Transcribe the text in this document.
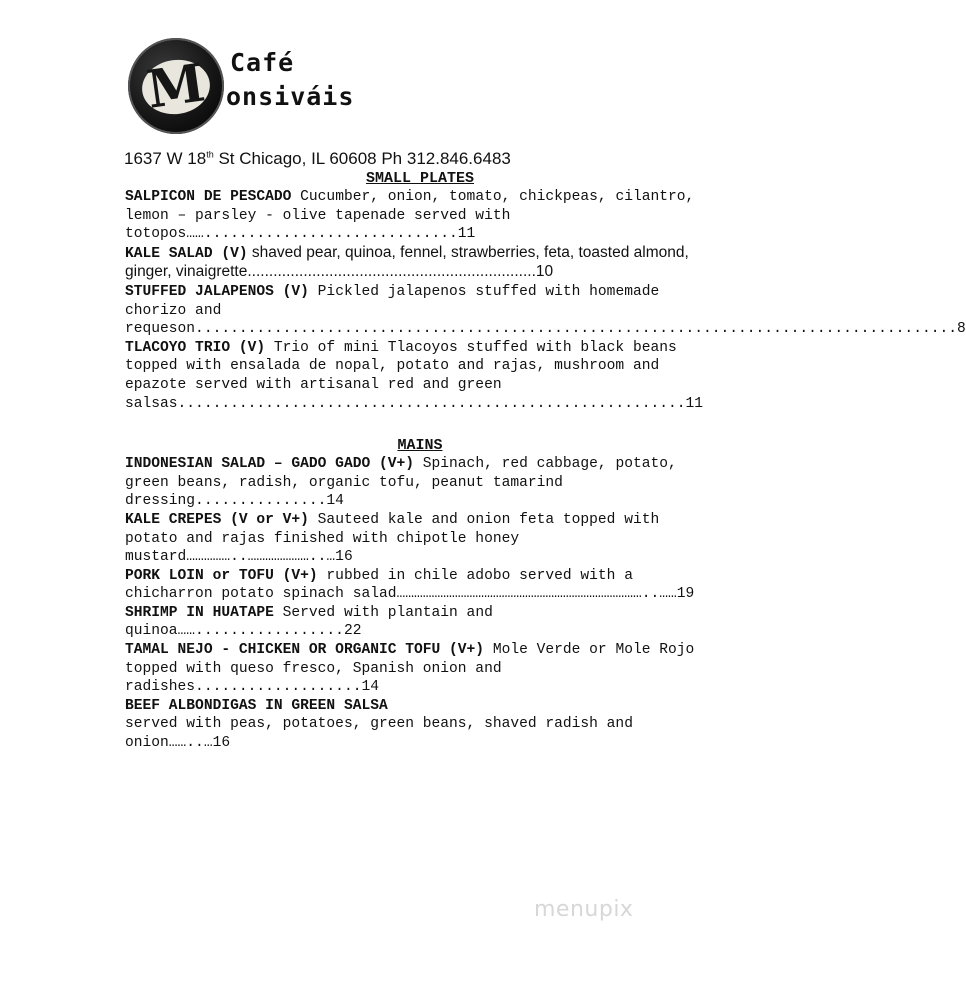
M Café
onsiváis
1637 W 18th St Chicago, IL 60608 Ph 312.846.6483
SMALL PLATES

SALPICON DE PESCADO Cucumber, onion, tomato, chickpeas, cilantro, lemon – parsley - olive tapenade served with totopos…….............................11

KALE SALAD (V) shaved pear, quinoa, fennel, strawberries, feta, toasted almond, ginger, vinaigrette...................................................................10

STUFFED JALAPENOS (V) Pickled jalapenos stuffed with homemade chorizo and requeson.......................................................................................8

TLACOYO TRIO (V) Trio of mini Tlacoyos stuffed with black beans topped with ensalada de nopal, potato and rajas, mushroom and epazote served with artisanal red and green salsas..........................................................11

MAINS

INDONESIAN SALAD – GADO GADO (V+) Spinach, red cabbage, potato, green beans, radish, organic tofu, peanut tamarind dressing...............14

KALE CREPES (V or V+) Sauteed kale and onion feta topped with potato and rajas finished with chipotle honey mustard……………..…………………..…16

PORK LOIN or TOFU (V+) rubbed in chile adobo served with a chicharron potato spinach salad…………………………………………………………………………..……19

SHRIMP IN HUATAPE Served with plantain and quinoa…….................22

TAMAL NEJO - CHICKEN OR ORGANIC TOFU (V+) Mole Verde or Mole Rojo topped with queso fresco, Spanish onion and radishes...................14

BEEF ALBONDIGAS IN GREEN SALSA
served with peas, potatoes, green beans, shaved radish and onion……..…16

menupix
